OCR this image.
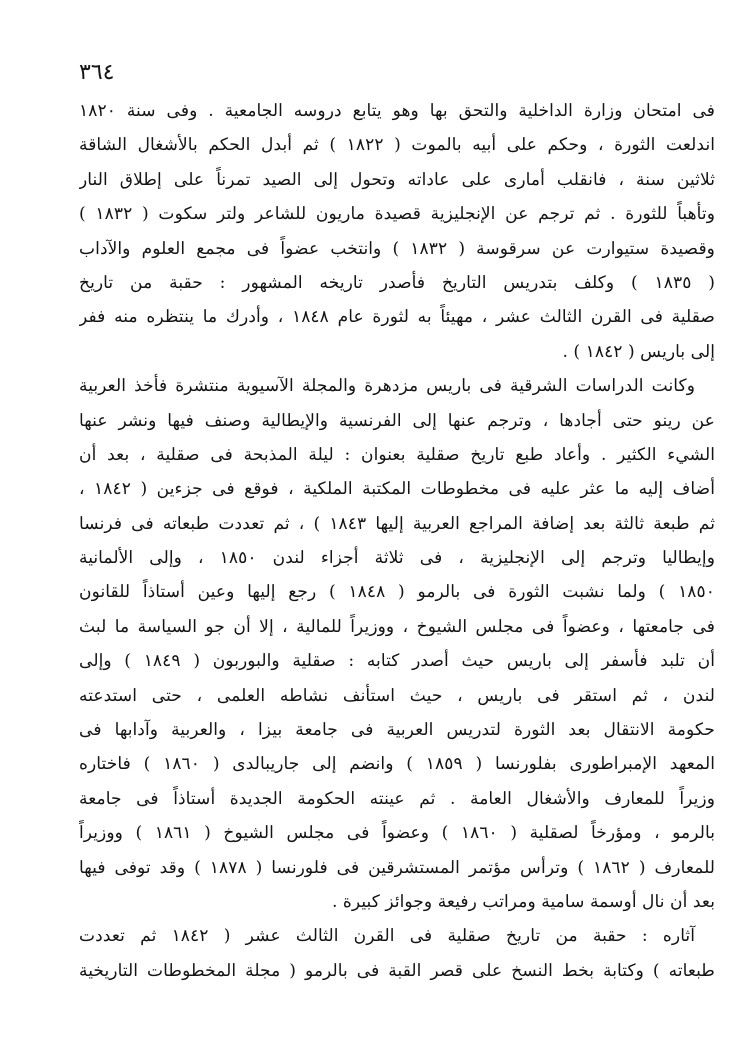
٣٦٤
فى امتحان وزارة الداخلية والتحق بها وهو يتابع دروسه الجامعية . وفى سنة ١٨٢٠
اندلعت الثورة ، وحكم على أبيه بالموت ( ١٨٢٢ ) ثم أبدل الحكم بالأشغال الشاقة
ثلاثين سنة ، فانقلب أمارى على عاداته وتحول إلى الصيد تمرناً على إطلاق النار
وتأهباً للثورة . ثم ترجم عن الإنجليزية قصيدة ماريون للشاعر ولتر سكوت ( ١٨٣٢ )
وقصيدة ستيوارت عن سرقوسة ( ١٨٣٢ ) وانتخب عضواً فى مجمع العلوم والآداب
( ١٨٣٥ ) وكلف بتدريس التاريخ فأصدر تاريخه المشهور : حقبة من تاريخ
صقلية فى القرن الثالث عشر ، مهيئاً به لثورة عام ١٨٤٨ ، وأدرك ما ينتظره منه ففر
إلى باريس ( ١٨٤٢ ) .
وكانت الدراسات الشرقية فى باريس مزدهرة والمجلة الآسيوية منتشرة فأخذ العربية
عن رينو حتى أجادها ، وترجم عنها إلى الفرنسية والإيطالية وصنف فيها ونشر عنها
الشيء الكثير . وأعاد طبع تاريخ صقلية بعنوان : ليلة المذبحة فى صقلية ، بعد أن
أضاف إليه ما عثر عليه فى مخطوطات المكتبة الملكية ، فوقع فى جزءين ( ١٨٤٢ ،
ثم طبعة ثالثة بعد إضافة المراجع العربية إليها ١٨٤٣ ) ، ثم تعددت طبعاته فى فرنسا
وإيطاليا وترجم إلى الإنجليزية ، فى ثلاثة أجزاء لندن ١٨٥٠ ، وإلى الألمانية
١٨٥٠ ) ولما نشبت الثورة فى بالرمو ( ١٨٤٨ ) رجع إليها وعين أستاذاً للقانون
فى جامعتها ، وعضواً فى مجلس الشيوخ ، ووزيراً للمالية ، إلا أن جو السياسة ما لبث
أن تلبد فأسفر إلى باريس حيث أصدر كتابه : صقلية والبوربون ( ١٨٤٩ ) وإلى
لندن ، ثم استقر فى باريس ، حيث استأنف نشاطه العلمى ، حتى استدعته
حكومة الانتقال بعد الثورة لتدريس العربية فى جامعة بيزا ، والعربية وآدابها فى
المعهد الإمبراطورى بفلورنسا ( ١٨٥٩ ) وانضم إلى جاريبالدى ( ١٨٦٠ ) فاختاره
وزيراً للمعارف والأشغال العامة . ثم عينته الحكومة الجديدة أستاذاً فى جامعة
بالرمو ، ومؤرخاً لصقلية ( ١٨٦٠ ) وعضواً فى مجلس الشيوخ ( ١٨٦١ ) ووزيراً
للمعارف ( ١٨٦٢ ) وترأس مؤتمر المستشرقين فى فلورنسا ( ١٨٧٨ ) وقد توفى فيها
بعد أن نال أوسمة سامية ومراتب رفيعة وجوائز كبيرة .
آثاره : حقبة من تاريخ صقلية فى القرن الثالث عشر ( ١٨٤٢ ثم تعددت
طبعاته ) وكتابة بخط النسخ على قصر القبة فى بالرمو ( مجلة المخطوطات التاريخية
